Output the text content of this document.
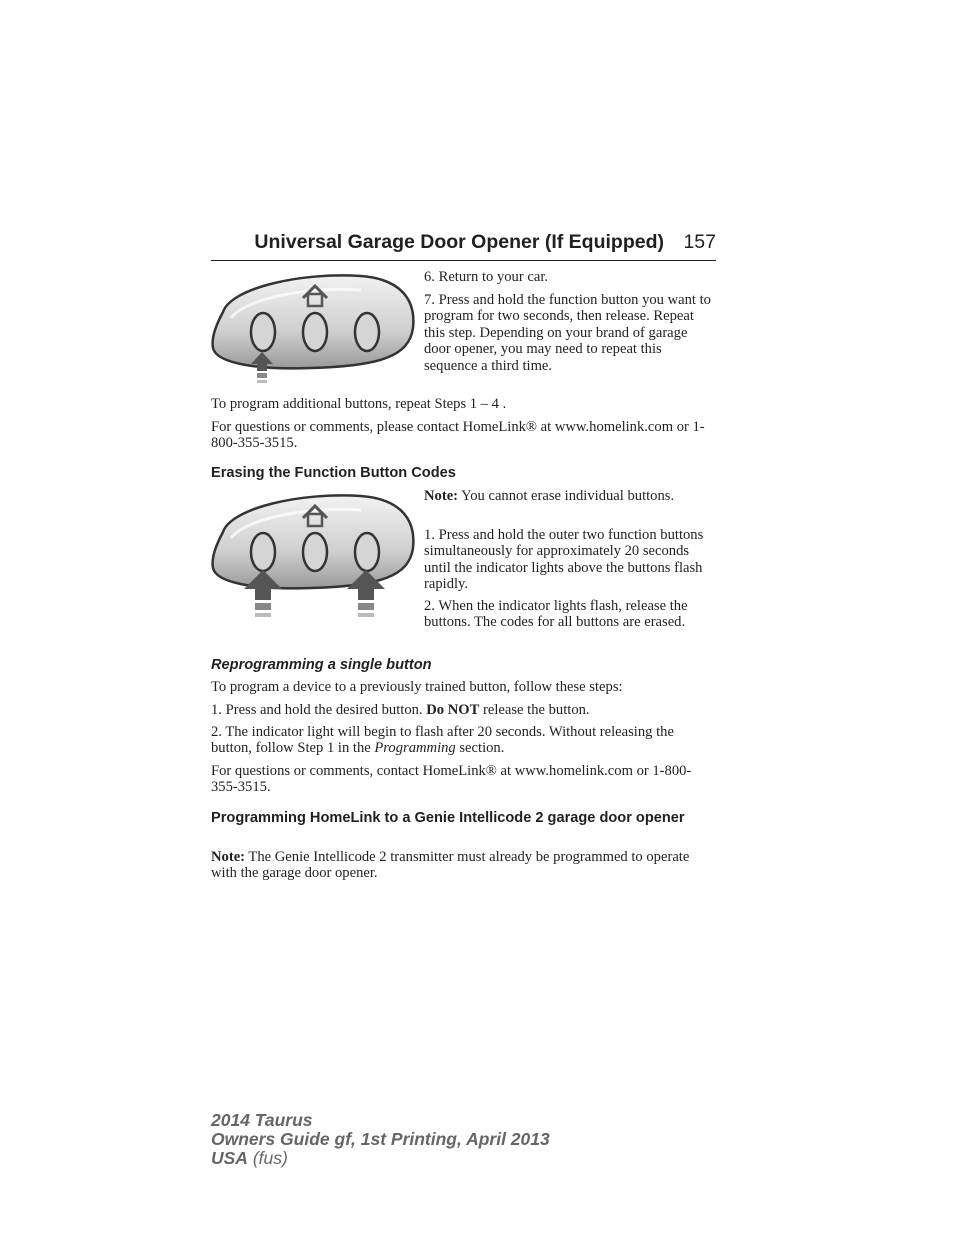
Universal Garage Door Opener (If Equipped) 157

6. Return to your car.

7. Press and hold the function button you want to program for two seconds, then release. Repeat this step. Depending on your brand of garage door opener, you may need to repeat this sequence a third time.

To program additional buttons, repeat Steps 1 – 4 .

For questions or comments, please contact HomeLink® at www.homelink.com or 1-800-355-3515.

Erasing the Function Button Codes

Note: You cannot erase individual buttons.

1. Press and hold the outer two function buttons simultaneously for approximately 20 seconds until the indicator lights above the buttons flash rapidly.

2. When the indicator lights flash, release the buttons. The codes for all buttons are erased.

Reprogramming a single button

To program a device to a previously trained button, follow these steps:

1. Press and hold the desired button. Do NOT release the button.

2. The indicator light will begin to flash after 20 seconds. Without releasing the button, follow Step 1 in the Programming section.

For questions or comments, contact HomeLink® at www.homelink.com or 1-800-355-3515.

Programming HomeLink to a Genie Intellicode 2 garage door opener

Note: The Genie Intellicode 2 transmitter must already be programmed to operate with the garage door opener.

2014 Taurus
Owners Guide gf, 1st Printing, April 2013
USA (fus)
